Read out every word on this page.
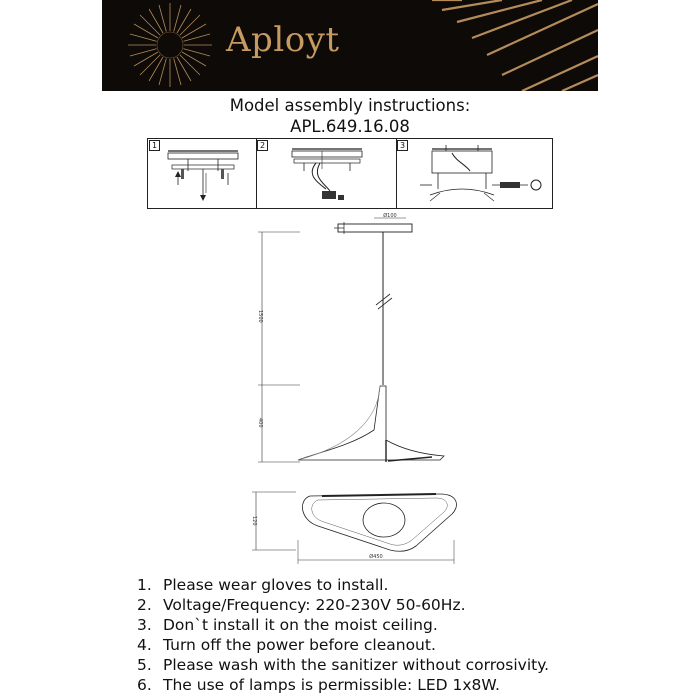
Aployt
Model assembly instructions:
APL.649.16.08
1	2	3
Ø100
1500
400
120
Ø450
1. Please wear gloves to install.
2. Voltage/Frequency: 220-230V 50-60Hz.
3. Don`t install it on the moist ceiling.
4. Turn off the power before cleanout.
5. Please wash with the sanitizer without corrosivity.
6. The use of lamps is permissible: LED 1x8W.
